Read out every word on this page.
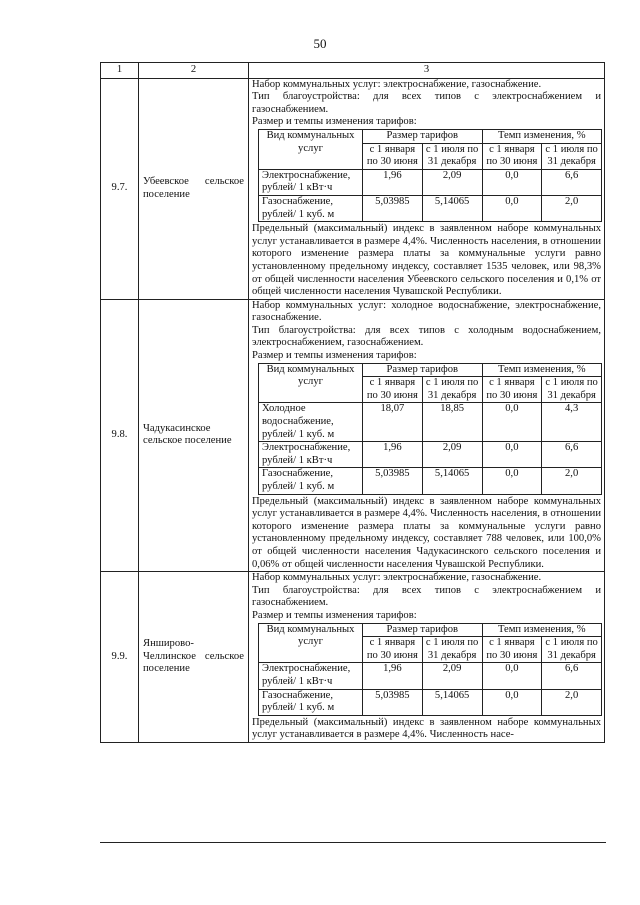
50
1	2	3
9.7.	Убеевское сельское поселение	

Набор коммунальных услуг: электроснабжение, газоснабжение.

Тип благоустройства: для всех типов с электроснабжением и газоснабжением.

Размер и темпы изменения тарифов:

Вид коммунальных услуг	Размер тарифов	Темп изменения, %
с 1 января по 30 июня	с 1 июля по 31 декабря	с 1 января по 30 июня	с 1 июля по 31 декабря
Электроснабжение, рублей/ 1 кВт·ч	1,96	2,09	0,0	6,6
Газоснабжение, рублей/ 1 куб. м	5,03985	5,14065	0,0	2,0

Предельный (максимальный) индекс в заявленном наборе коммунальных услуг устанавливается в размере 4,4%. Численность населения, в отношении которого изменение размера платы за коммунальные услуги равно установленному предельному индексу, составляет 1535 человек, или 98,3% от общей численности населения Убеевского сельского поселения и 0,1% от общей численности населения Чувашской Республики.

9.8.	Чадукасинское сельское поселение	

Набор коммунальных услуг: холодное водоснабжение, электроснабжение, газоснабжение.

Тип благоустройства: для всех типов с холодным водоснабжением, электроснабжением, газоснабжением.

Размер и темпы изменения тарифов:

Вид коммунальных услуг	Размер тарифов	Темп изменения, %
с 1 января по 30 июня	с 1 июля по 31 декабря	с 1 января по 30 июня	с 1 июля по 31 декабря
Холодное водоснабжение, рублей/ 1 куб. м	18,07	18,85	0,0	4,3
Электроснабжение, рублей/ 1 кВт·ч	1,96	2,09	0,0	6,6
Газоснабжение, рублей/ 1 куб. м	5,03985	5,14065	0,0	2,0

Предельный (максимальный) индекс в заявленном наборе коммунальных услуг устанавливается в размере 4,4%. Численность населения, в отношении которого изменение размера платы за коммунальные услуги равно установленному предельному индексу, составляет 788 человек, или 100,0% от общей численности населения Чадукасинского сельского поселения и 0,06% от общей численности населения Чувашской Республики.

9.9.	Янширово-Челлинское сельское поселение	

Набор коммунальных услуг: электроснабжение, газоснабжение.

Тип благоустройства: для всех типов с электроснабжением и газоснабжением.

Размер и темпы изменения тарифов:

Вид коммунальных услуг	Размер тарифов	Темп изменения, %
с 1 января по 30 июня	с 1 июля по 31 декабря	с 1 января по 30 июня	с 1 июля по 31 декабря
Электроснабжение, рублей/ 1 кВт·ч	1,96	2,09	0,0	6,6
Газоснабжение, рублей/ 1 куб. м	5,03985	5,14065	0,0	2,0

Предельный (максимальный) индекс в заявленном наборе коммунальных услуг устанавливается в размере 4,4%. Численность насе-
